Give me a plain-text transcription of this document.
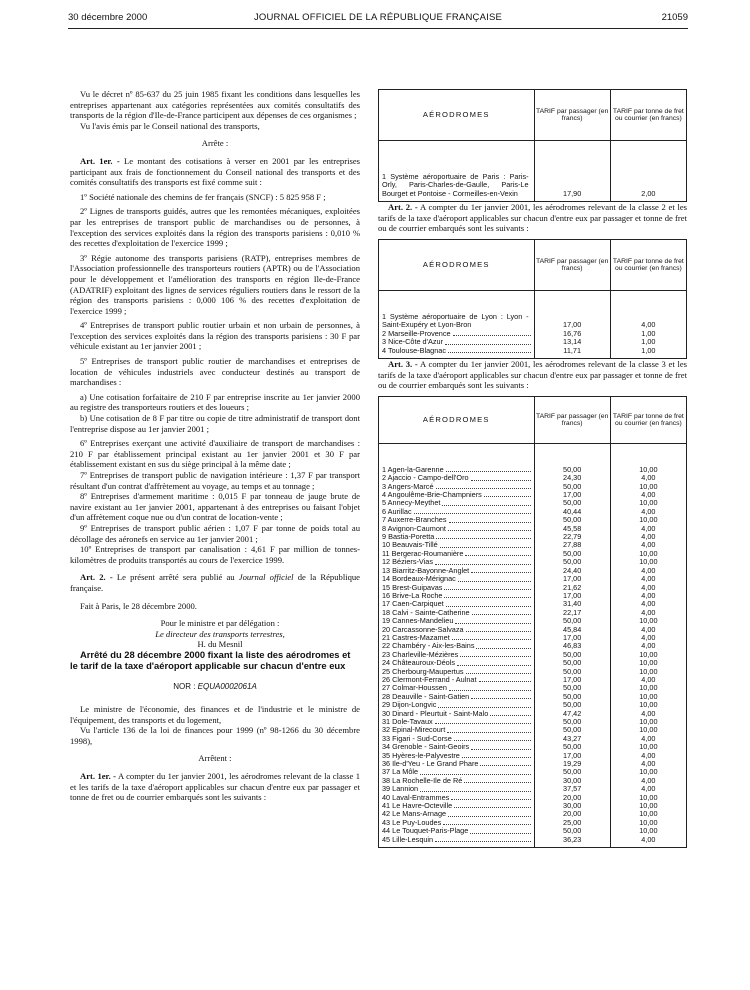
30 décembre 2000	JOURNAL OFFICIEL DE LA RÉPUBLIQUE FRANÇAISE	21059

Vu le décret nº 85-637 du 25 juin 1985 fixant les conditions dans lesquelles les entreprises appartenant aux catégories représentées aux comités consultatifs des transports de la région d'Ile-de-France participent aux dépenses de ces organismes ;

Vu l'avis émis par le Conseil national des transports,

Arrête :

Art. 1er. - Le montant des cotisations à verser en 2001 par les entreprises participant aux frais de fonctionnement du Conseil national des transports et des comités consultatifs des transports est fixé comme suit :

1º Société nationale des chemins de fer français (SNCF) : 5 825 958 F ;

2º Lignes de transports guidés, autres que les remontées mécaniques, exploitées par les entreprises de transport public de marchandises ou de personnes, à l'exception des services exploités dans la région des transports parisiens : 0,010 % des recettes d'exploitation de l'exercice 1999 ;

3º Régie autonome des transports parisiens (RATP), entreprises membres de l'Association professionnelle des transporteurs routiers (APTR) ou de l'Association pour le développement et l'amélioration des transports en région Ile-de-France (ADATRIF) exploitant des lignes de services réguliers routiers dans le ressort de la région des transports parisiens : 0,000 106 % des recettes d'exploitation de l'exercice 1999 ;

4º Entreprises de transport public routier urbain et non urbain de personnes, à l'exception des services exploités dans la région des transports parisiens : 30 F par véhicule existant au 1er janvier 2001 ;

5º Entreprises de transport public routier de marchandises et entreprises de location de véhicules industriels avec conducteur destinés au transport de marchandises :

a) Une cotisation forfaitaire de 210 F par entreprise inscrite au 1er janvier 2000 au registre des transporteurs routiers et des loueurs ;

b) Une cotisation de 8 F par titre ou copie de titre administratif de transport dont l'entreprise dispose au 1er janvier 2001 ;

6º Entreprises exerçant une activité d'auxiliaire de transport de marchandises : 210 F par établissement principal existant au 1er janvier 2001 et 30 F par établissement existant en sus du siège principal à la même date ;

7º Entreprises de transport public de navigation intérieure : 1,37 F par transport résultant d'un contrat d'affrètement au voyage, au temps et au tonnage ;

8º Entreprises d'armement maritime : 0,015 F par tonneau de jauge brute de navire existant au 1er janvier 2001, appartenant à des entreprises ou faisant l'objet d'un affrètement coque nue ou d'un contrat de location-vente ;

9º Entreprises de transport public aérien : 1,07 F par tonne de poids total au décollage des aéronefs en service au 1er janvier 2001 ;

10º Entreprises de transport par canalisation : 4,61 F par million de tonnes-kilomètres de produits transportés au cours de l'exercice 1999.

Art. 2. - Le présent arrêté sera publié au Journal officiel de la République française.

Fait à Paris, le 28 décembre 2000.

Pour le ministre et par délégation :

Le directeur des transports terrestres,

H. du Mesnil

Arrêté du 28 décembre 2000 fixant la liste des aérodromes et le tarif de la taxe d'aéroport applicable sur chacun d'entre eux

NOR : EQUA0002061A

Le ministre de l'économie, des finances et de l'industrie et le ministre de l'équipement, des transports et du logement,

Vu l'article 136 de la loi de finances pour 1999 (nº 98-1266 du 30 décembre 1998),

Arrêtent :

Art. 1er. - A compter du 1er janvier 2001, les aérodromes relevant de la classe 1 et les tarifs de la taxe d'aéroport applicables sur chacun d'entre eux par passager et tonne de fret ou de courrier embarqués sont les suivants :

AÉRODROMES	TARIF par passager (en francs)	TARIF par tonne de fret ou courrier (en francs)

1 Système aéroportuaire de Paris : Paris-Orly, Paris-Charles-de-Gaulle, Paris-Le Bourget et Pontoise - Cormeilles-en-Vexin	17,90	2,00

Art. 2. - A compter du 1er janvier 2001, les aérodromes relevant de la classe 2 et les tarifs de la taxe d'aéroport applicables sur chacun d'entre eux par passager et tonne de fret ou de courrier embarqués sont les suivants :

AÉRODROMES	TARIF par passager (en francs)	TARIF par tonne de fret ou courrier (en francs)

1 Système aéroportuaire de Lyon : Lyon - Saint-Exupéry et Lyon-Bron	17,00	4,00

2 Marseille-Provence	16,76	1,00

3 Nice-Côte d'Azur	13,14	1,00

4 Toulouse-Blagnac	11,71	1,00

Art. 3. - A compter du 1er janvier 2001, les aérodromes relevant de la classe 3 et les tarifs de la taxe d'aéroport applicables sur chacun d'entre eux par passager et tonne de fret ou de courrier embarqués sont les suivants :

AÉRODROMES	TARIF par passager (en francs)	TARIF par tonne de fret ou courrier (en francs)

1 Agen-la-Garenne	50,00	10,00

2 Ajaccio - Campo-dell'Oro	24,30	4,00

3 Angers-Marcé	50,00	10,00

4 Angoulême-Brie-Champniers	17,00	4,00

5 Annecy-Meythet	50,00	10,00

6 Aurillac	40,44	4,00

7 Auxerre-Branches	50,00	10,00

8 Avignon-Caumont	45,58	4,00

9 Bastia-Poretta	22,79	4,00

10 Beauvais-Tillé	27,88	4,00

11 Bergerac-Roumanière	50,00	10,00

12 Béziers-Vias	50,00	10,00

13 Biarritz-Bayonne-Anglet	24,40	4,00

14 Bordeaux-Mérignac	17,00	4,00

15 Brest-Guipavas	21,62	4,00

16 Brive-La Roche	17,00	4,00

17 Caen-Carpiquet	31,40	4,00

18 Calvi - Sainte-Catherine	22,17	4,00

19 Cannes-Mandelieu	50,00	10,00

20 Carcassonne-Salvaza	45,84	4,00

21 Castres-Mazamet	17,00	4,00

22 Chambéry - Aix-les-Bains	46,83	4,00

23 Charleville-Mézières	50,00	10,00

24 Châteauroux-Déols	50,00	10,00

25 Cherbourg-Maupertus	50,00	10,00

26 Clermont-Ferrand - Aulnat	17,00	4,00

27 Colmar-Houssen	50,00	10,00

28 Deauville - Saint-Gatien	50,00	10,00

29 Dijon-Longvic	50,00	10,00

30 Dinard - Pleurtuit - Saint-Malo	47,42	4,00

31 Dole-Tavaux	50,00	10,00

32 Epinal-Mirecourt	50,00	10,00

33 Figari - Sud-Corse	43,27	4,00

34 Grenoble - Saint-Geoirs	50,00	10,00

35 Hyères-le-Palyvestre	17,00	4,00

36 Ile-d'Yeu - Le Grand Phare	19,29	4,00

37 La Môle	50,00	10,00

38 La Rochelle-Ile de Ré	30,00	4,00

39 Lannion	37,57	4,00

40 Laval-Entrammes	20,00	10,00

41 Le Havre-Octeville	30,00	10,00

42 Le Mans-Arnage	20,00	10,00

43 Le Puy-Loudes	25,00	10,00

44 Le Touquet-Paris-Plage	50,00	10,00

45 Lille-Lesquin	36,23	4,00
